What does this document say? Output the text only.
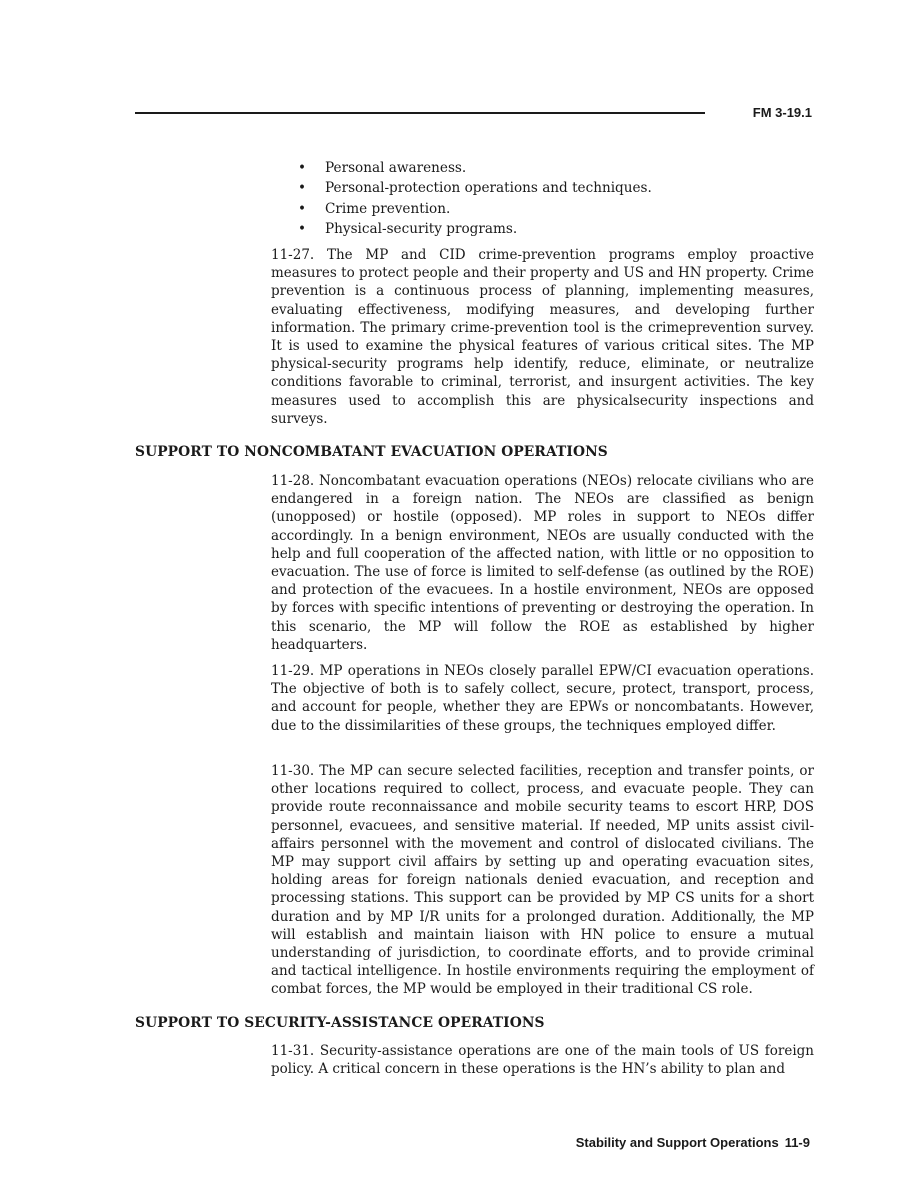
FM 3-19.1
• Personal awareness.
• Personal-protection operations and techniques.
• Crime prevention.
• Physical-security programs.

11-27. The MP and CID crime-prevention programs employ proactive measures to protect people and their property and US and HN property. Crime prevention is a continuous process of planning, implementing measures, evaluating effectiveness, modifying measures, and developing further information. The primary crime-prevention tool is the crimeprevention survey. It is used to examine the physical features of various critical sites. The MP physical-security programs help identify, reduce, eliminate, or neutralize conditions favorable to criminal, terrorist, and insurgent activities. The key measures used to accomplish this are physicalsecurity inspections and surveys.

SUPPORT TO NONCOMBATANT EVACUATION OPERATIONS

11-28. Noncombatant evacuation operations (NEOs) relocate civilians who are endangered in a foreign nation. The NEOs are classified as benign (unopposed) or hostile (opposed). MP roles in support to NEOs differ accordingly. In a benign environment, NEOs are usually conducted with the help and full cooperation of the affected nation, with little or no opposition to evacuation. The use of force is limited to self-defense (as outlined by the ROE) and protection of the evacuees. In a hostile environment, NEOs are opposed by forces with specific intentions of preventing or destroying the operation. In this scenario, the MP will follow the ROE as established by higher headquarters.

11-29. MP operations in NEOs closely parallel EPW/CI evacuation operations. The objective of both is to safely collect, secure, protect, transport, process, and account for people, whether they are EPWs or noncombatants. However, due to the dissimilarities of these groups, the techniques employed differ.

11-30. The MP can secure selected facilities, reception and transfer points, or other locations required to collect, process, and evacuate people. They can provide route reconnaissance and mobile security teams to escort HRP, DOS personnel, evacuees, and sensitive material. If needed, MP units assist civilaffairs personnel with the movement and control of dislocated civilians. The MP may support civil affairs by setting up and operating evacuation sites, holding areas for foreign nationals denied evacuation, and reception and processing stations. This support can be provided by MP CS units for a short duration and by MP I/R units for a prolonged duration. Additionally, the MP will establish and maintain liaison with HN police to ensure a mutual understanding of jurisdiction, to coordinate efforts, and to provide criminal and tactical intelligence. In hostile environments requiring the employment of combat forces, the MP would be employed in their traditional CS role.

SUPPORT TO SECURITY-ASSISTANCE OPERATIONS

11-31. Security-assistance operations are one of the main tools of US foreign policy. A critical concern in these operations is the HN’s ability to plan and

Stability and Support Operations 11-9
